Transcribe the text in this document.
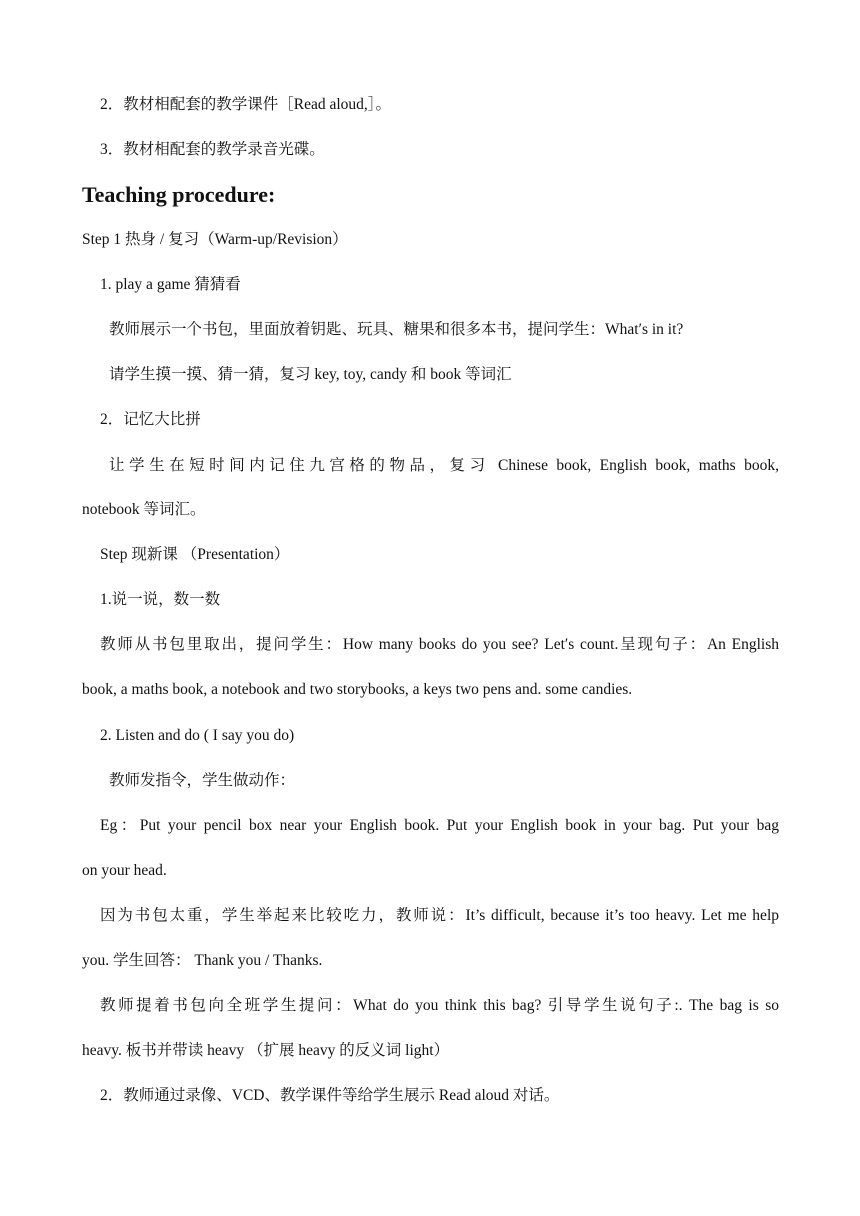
2．教材相配套的教学课件［Read aloud,］。
3．教材相配套的教学录音光碟。
Teaching procedure:
Step 1 热身 / 复习（Warm-up/Revision）
1. play a game 猜猜看
教师展示一个书包，里面放着钥匙、玩具、糖果和很多本书，提问学生：What′s in it?
请学生摸一摸、猜一猜，复习 key, toy, candy 和 book 等词汇
2．记忆大比拼
让学生在短时间内记住九宫格的物品，复习 Chinese book, English book, maths book,
notebook 等词汇。
Step 现新课 （Presentation）
1.说一说，数一数
教师从书包里取出，提问学生：How many books do you see? Let′s count.呈现句子：An English
book, a maths book, a notebook and two storybooks, a keys two pens and. some candies.
2. Listen and do ( I say you do)
教师发指令，学生做动作：
Eg：Put your pencil box near your English book. Put your English book in your bag. Put your bag
on your head.
因为书包太重，学生举起来比较吃力，教师说：It’s difficult, because it’s too heavy. Let me help
you. 学生回答： Thank you / Thanks.
教师提着书包向全班学生提问：What do you think this bag? 引导学生说句子:. The bag is so
heavy. 板书并带读 heavy （扩展 heavy 的反义词 light）
2．教师通过录像、VCD、教学课件等给学生展示 Read aloud 对话。
